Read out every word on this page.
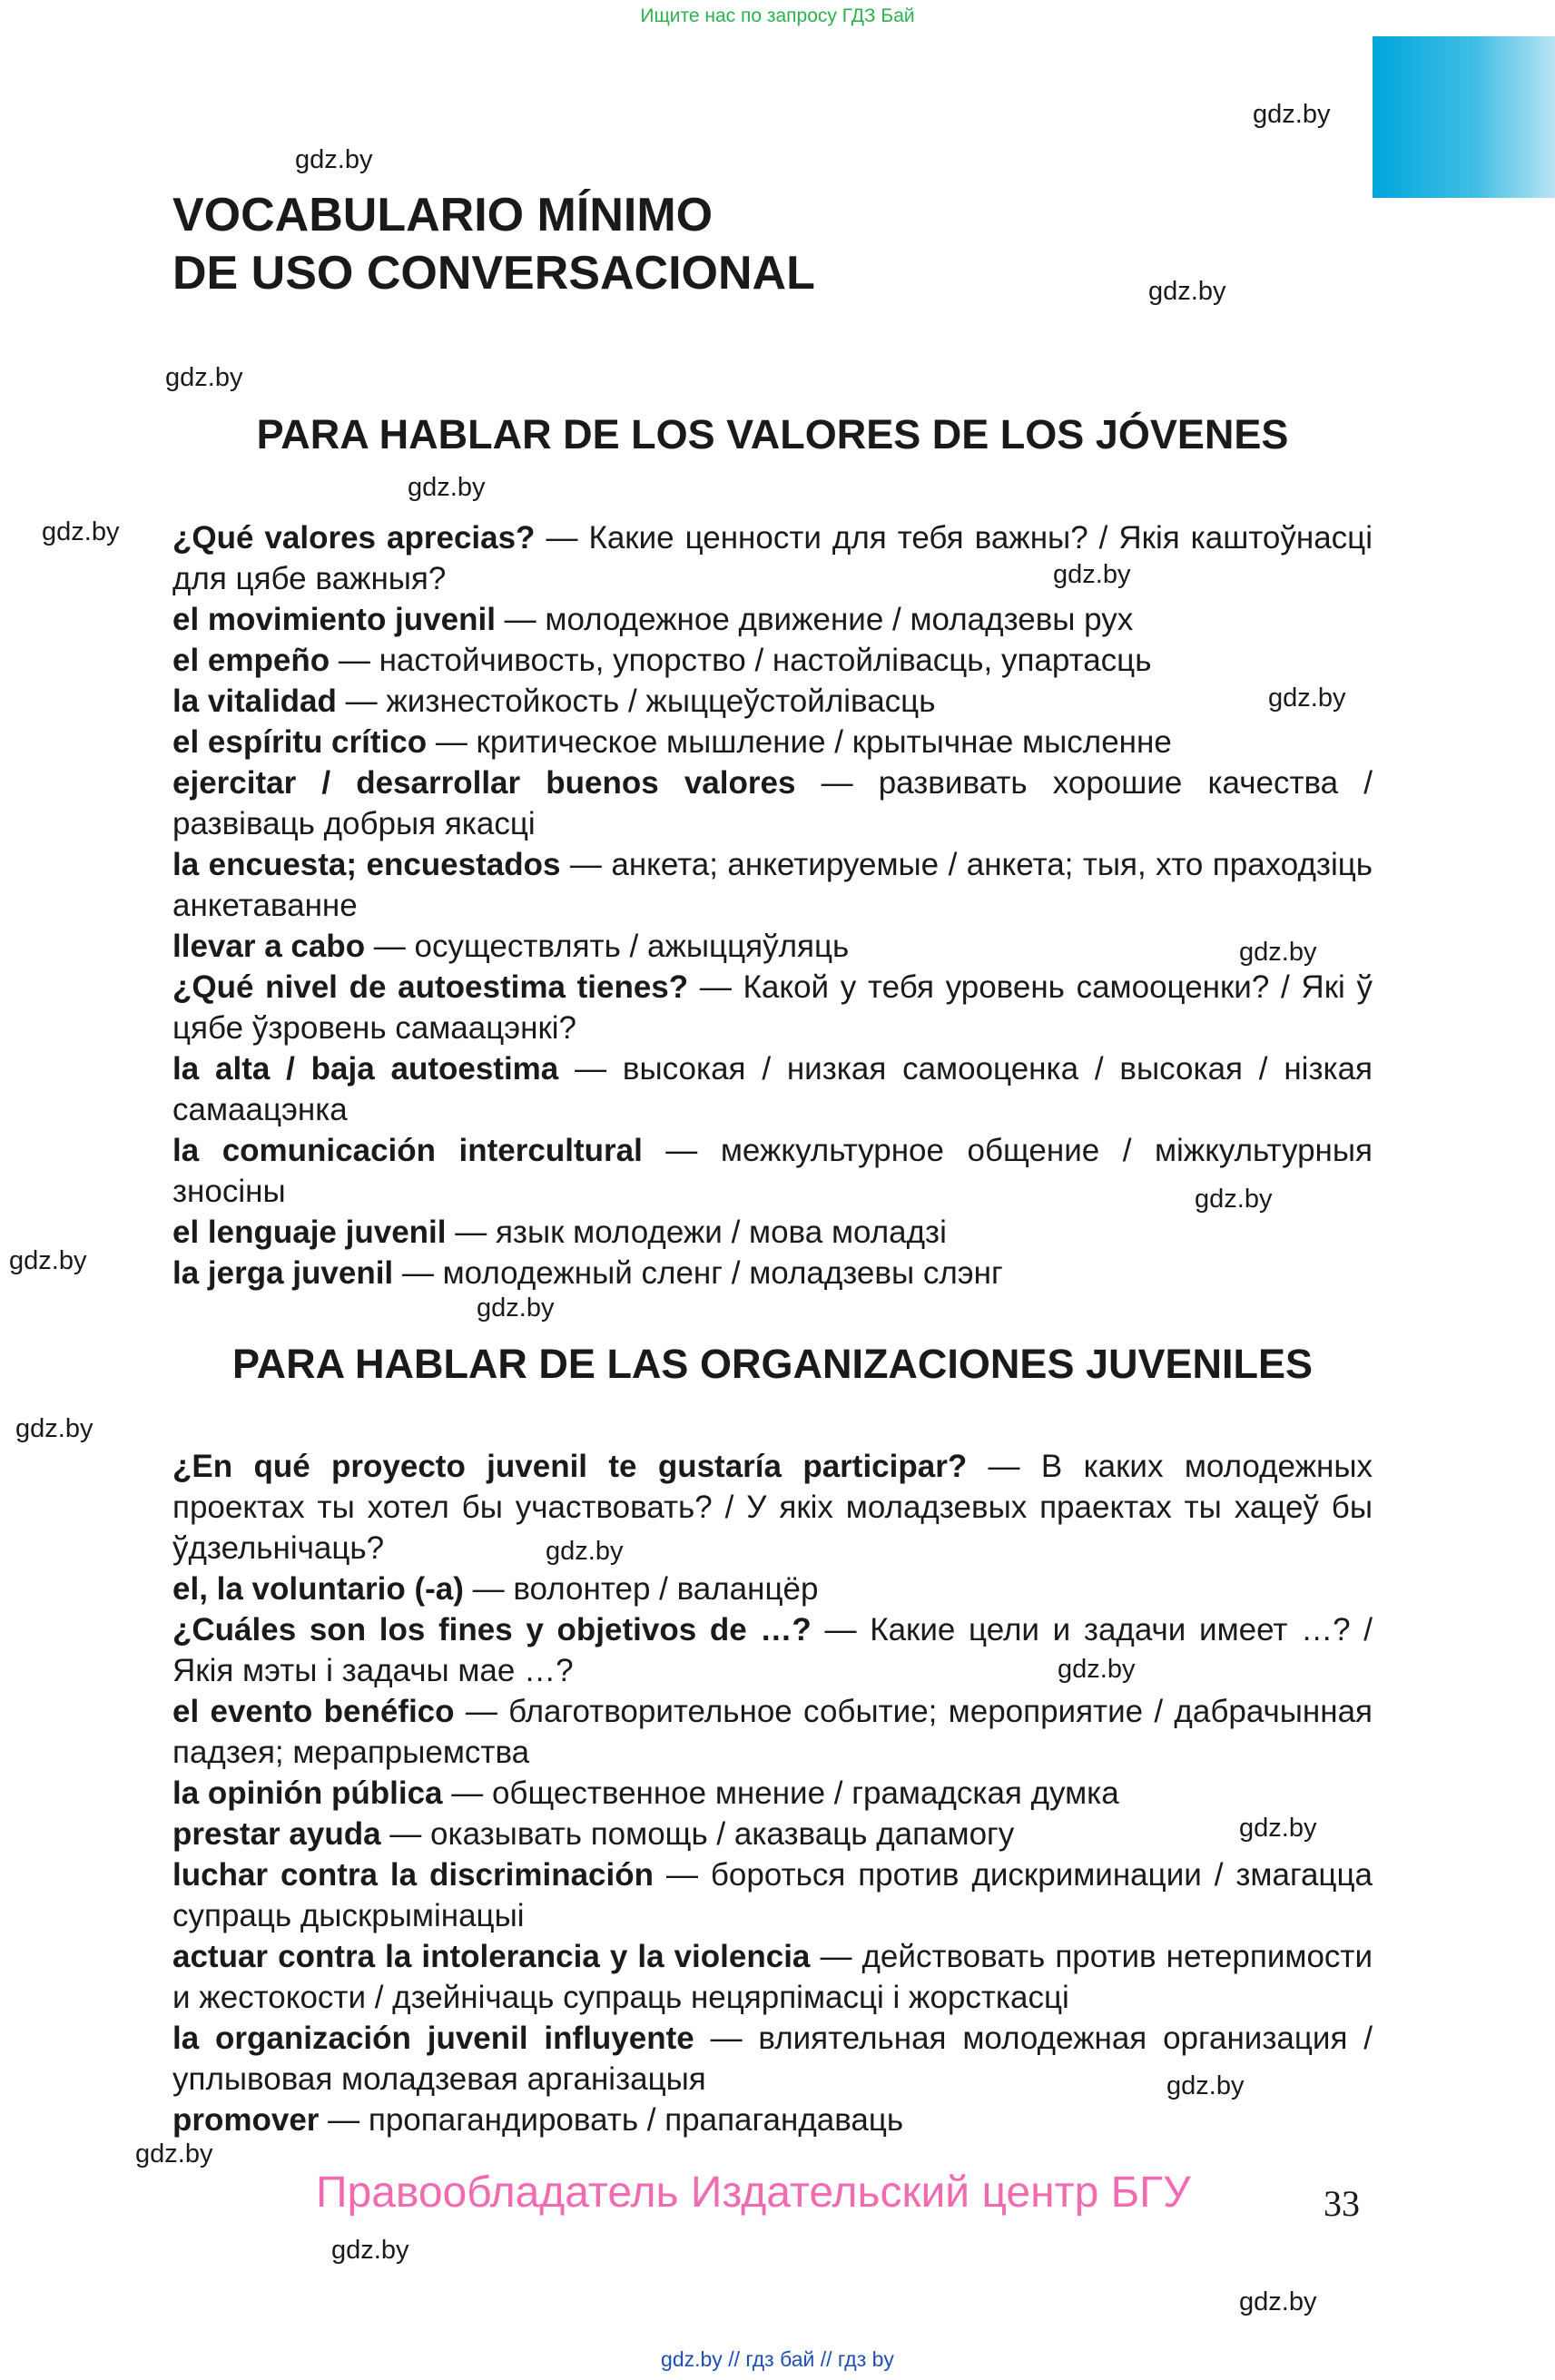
Ищите нас по запросу ГДЗ Бай
gdz.by
gdz.by
gdz.by
gdz.by
gdz.by
gdz.by
gdz.by
gdz.by
gdz.by
gdz.by
gdz.by
gdz.by
gdz.by
gdz.by
gdz.by
gdz.by
gdz.by
gdz.by
gdz.by
gdz.by
VOCABULARIO MÍNIMO
DE USO CONVERSACIONAL
PARA HABLAR DE LOS VALORES DE LOS JÓVENES
¿Qué valores aprecias? — Какие ценности для тебя важны? / Якія каштоўнасці для цябе важныя?
el movimiento juvenil — молодежное движение / моладзевы рух
el empeño — настойчивость, упорство / настойлівасць, упартасць
la vitalidad — жизнестойкость / жыццеўстойлівасць
el espíritu crítico — критическое мышление / крытычнае мысленне
ejercitar / desarrollar buenos valores — развивать хорошие качества / развіваць добрыя якасці
la encuesta; encuestados — анкета; анкетируемые / анкета; тыя, хто праходзіць анкетаванне
llevar a cabo — осуществлять / ажыццяўляць
¿Qué nivel de autoestima tienes? — Какой у тебя уровень самооценки? / Які ў цябе ўзровень самаацэнкі?
la alta / baja autoestima — высокая / низкая самооценка / высокая / нізкая самаацэнка
la comunicación intercultural — межкультурное общение / міжкультурныя зносіны
el lenguaje juvenil — язык молодежи / мова моладзі
la jerga juvenil — молодежный сленг / моладзевы слэнг
PARA HABLAR DE LAS ORGANIZACIONES JUVENILES
¿En qué proyecto juvenil te gustaría participar? — В каких молодежных проектах ты хотел бы участвовать? / У якіх моладзевых праектах ты хацеў бы ўдзельнічаць?
el, la voluntario (-a) — волонтер / валанцёр
¿Cuáles son los fines y objetivos de …? — Какие цели и задачи имеет …? / Якія мэты і задачы мае …?
el evento benéfico — благотворительное событие; мероприятие / дабрачынная падзея; мерапрыемства
la opinión pública — общественное мнение / грамадская думка
prestar ayuda — оказывать помощь / аказваць дапамогу
luchar contra la discriminación — бороться против дискриминации / змагацца супраць дыскрымінацыі
actuar contra la intolerancia y la violencia — действовать против нетерпимости и жестокости / дзейнічаць супраць нецярпімасці і жорсткасці
la organización juvenil influyente — влиятельная молодежная организация / уплывовая моладзевая арганізацыя
promover — пропагандировать / прапагандаваць
Правообладатель Издательский центр БГУ	33
gdz.by // гдз бай // гдз by
